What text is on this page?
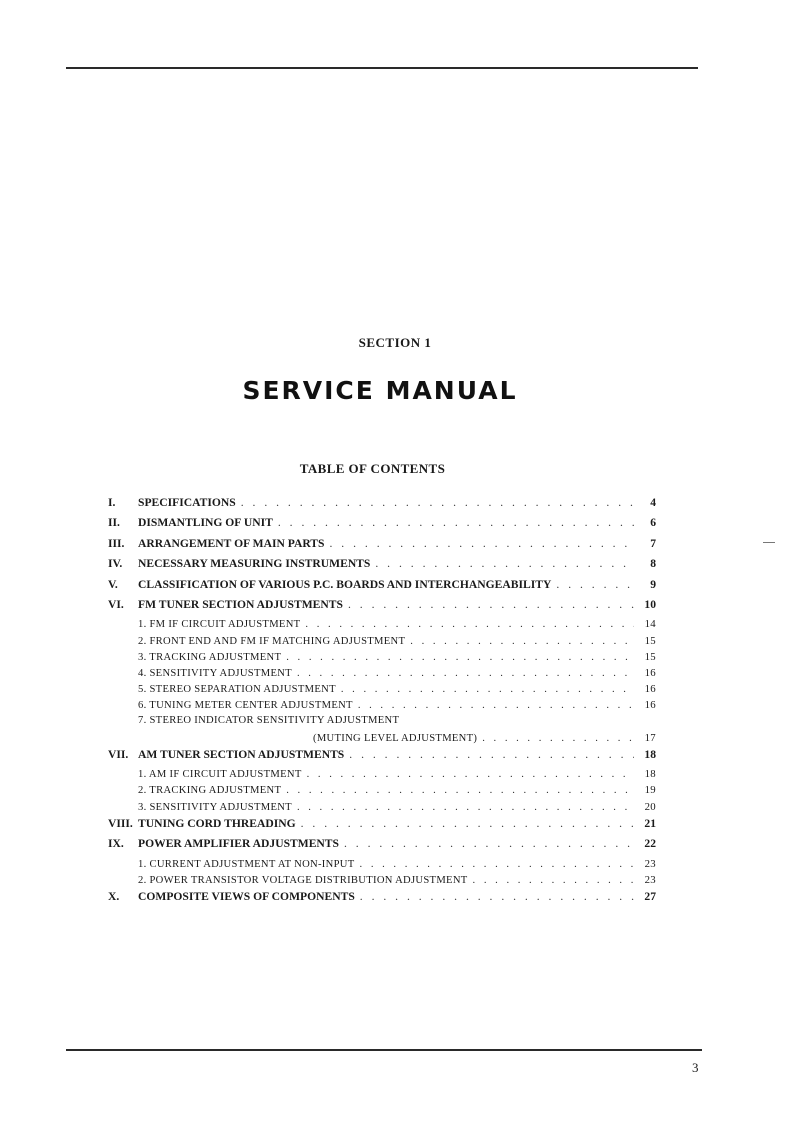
SECTION 1
SERVICE MANUAL
TABLE OF CONTENTS
I.	SPECIFICATIONS . . .	4
II.	DISMANTLING OF UNIT . . .	6
III.	ARRANGEMENT OF MAIN PARTS . . .	7
IV.	NECESSARY MEASURING INSTRUMENTS . . .	8
V.	CLASSIFICATION OF VARIOUS P.C. BOARDS AND INTERCHANGEABILITY . . .	9
VI.	FM TUNER SECTION ADJUSTMENTS . . .	10
1. FM IF CIRCUIT ADJUSTMENT . . .	14
2. FRONT END AND FM IF MATCHING ADJUSTMENT . . .	15
3. TRACKING ADJUSTMENT . . .	15
4. SENSITIVITY ADJUSTMENT . . .	16
5. STEREO SEPARATION ADJUSTMENT . . .	16
6. TUNING METER CENTER ADJUSTMENT . . .	16
7. STEREO INDICATOR SENSITIVITY ADJUSTMENT
(MUTING LEVEL ADJUSTMENT) . . .	17
VII. AM TUNER SECTION ADJUSTMENTS . . .	18
1. AM IF CIRCUIT ADJUSTMENT . . .	18
2. TRACKING ADJUSTMENT . . .	19
3. SENSITIVITY ADJUSTMENT . . .	20
VIII. TUNING CORD THREADING . . .	21
IX.	POWER AMPLIFIER ADJUSTMENTS . . .	22
1. CURRENT ADJUSTMENT AT NON-INPUT . . .	23
2. POWER TRANSISTOR VOLTAGE DISTRIBUTION ADJUSTMENT . . .	23
X.	COMPOSITE VIEWS OF COMPONENTS . . .	27
3
